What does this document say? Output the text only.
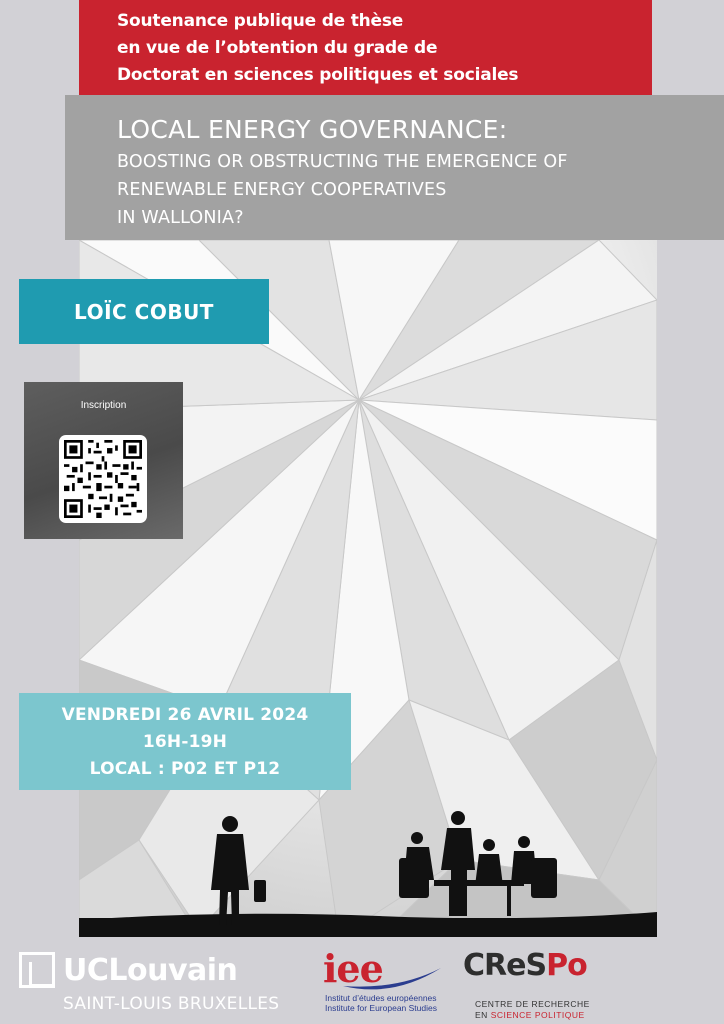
Soutenance publique de thèse
en vue de l’obtention du grade de
Doctorat en sciences politiques et sociales
LOCAL ENERGY GOVERNANCE:
BOOSTING OR OBSTRUCTING THE EMERGENCE OF
RENEWABLE ENERGY COOPERATIVES
IN WALLONIA?
LOÏC COBUT
Inscription
VENDREDI 26 AVRIL 2024
16H-19H
LOCAL : P02 ET P12
UCLouvain
SAINT-LOUIS BRUXELLES
iee
Institut d’études européennes
Institute for European Studies
CReSPo
CENTRE DE RECHERCHE
EN SCIENCE POLITIQUE
